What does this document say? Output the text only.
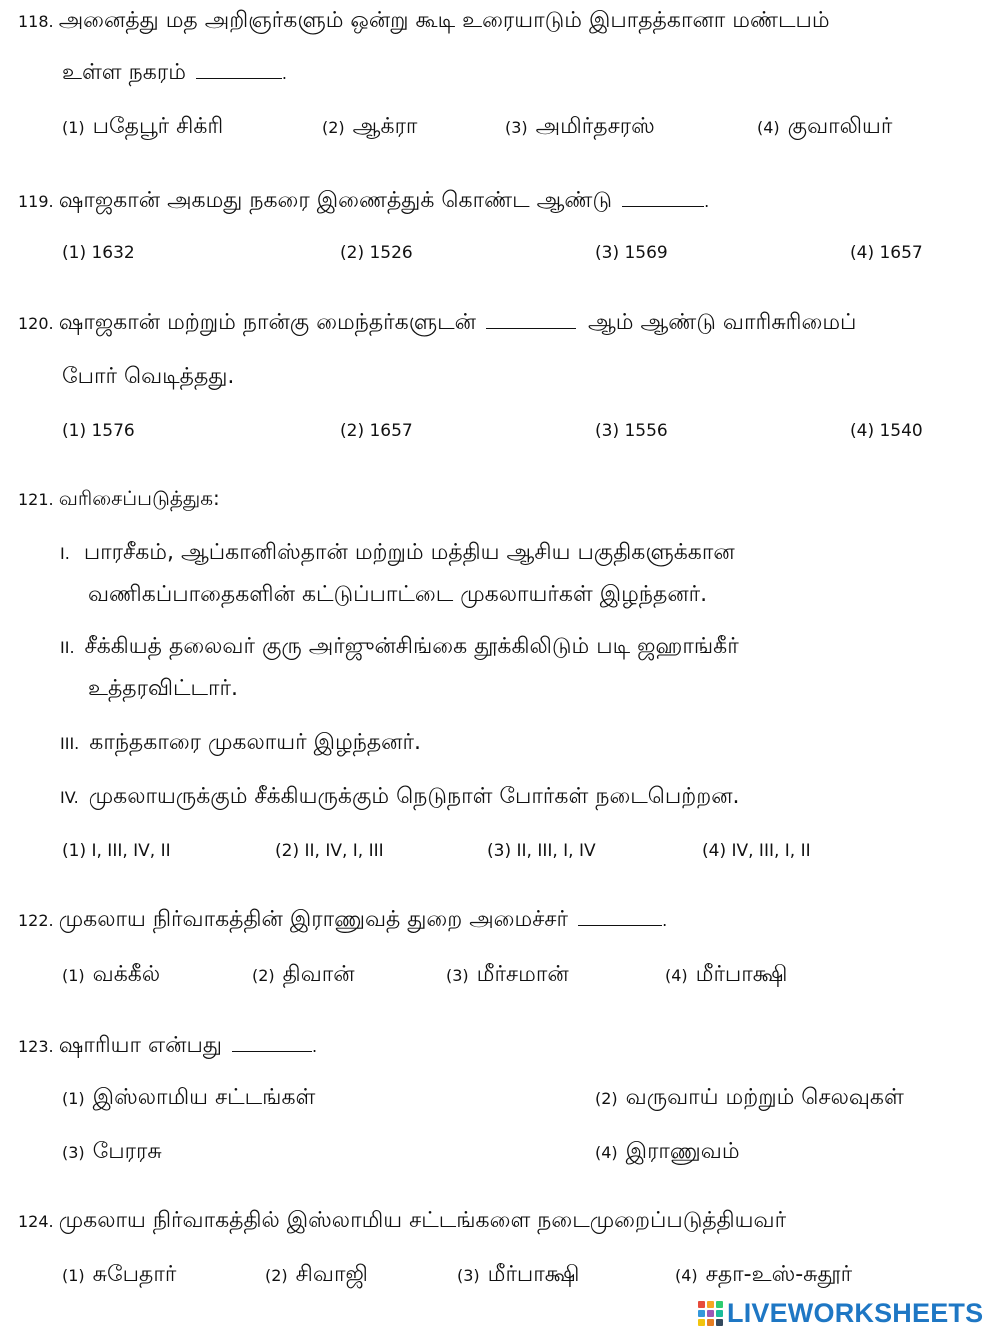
118. அனைத்து மத அறிஞர்களும் ஒன்று கூடி உரையாடும் இபாதத்கானா மண்டபம்
உள்ள நகரம்	.
(1) பதேபூர் சிக்ரி	(2) ஆக்ரா	(3) அமிர்தசரஸ்	(4) குவாலியர்
119. ஷாஜகான் அகமது நகரை இணைத்துக் கொண்ட ஆண்டு	.
(1) 1632	(2) 1526	(3) 1569	(4) 1657
120. ஷாஜகான் மற்றும் நான்கு மைந்தர்களுடன்	ஆம் ஆண்டு வாரிசுரிமைப்
போர் வெடித்தது.
(1) 1576	(2) 1657	(3) 1556	(4) 1540
121. வரிசைப்படுத்துக:
I. பாரசீகம், ஆப்கானிஸ்தான் மற்றும் மத்திய ஆசிய பகுதிகளுக்கான
வணிகப்பாதைகளின் கட்டுப்பாட்டை முகலாயர்கள் இழந்தனர்.
II. சீக்கியத் தலைவர் குரு அர்ஜுன்சிங்கை தூக்கிலிடும் படி ஜஹாங்கீர்
உத்தரவிட்டார்.
III. காந்தகாரை முகலாயர் இழந்தனர்.
IV. முகலாயருக்கும் சீக்கியருக்கும் நெடுநாள் போர்கள் நடைபெற்றன.
(1) I, III, IV, II	(2) II, IV, I, III	(3) II, III, I, IV	(4) IV, III, I, II
122. முகலாய நிர்வாகத்தின் இராணுவத் துறை அமைச்சர்	.
(1) வக்கீல்	(2) திவான்	(3) மீர்சமான்	(4) மீர்பாக்ஷி
123. ஷாரியா என்பது	.
(1) இஸ்லாமிய சட்டங்கள்	(2) வருவாய் மற்றும் செலவுகள்
(3) பேரரசு	(4) இராணுவம்
124. முகலாய நிர்வாகத்தில் இஸ்லாமிய சட்டங்களை நடைமுறைப்படுத்தியவர்
(1) சுபேதார்	(2) சிவாஜி	(3) மீர்பாக்ஷி	(4) சதா-உஸ்-சுதூர்
LIVEWORKSHEETS
